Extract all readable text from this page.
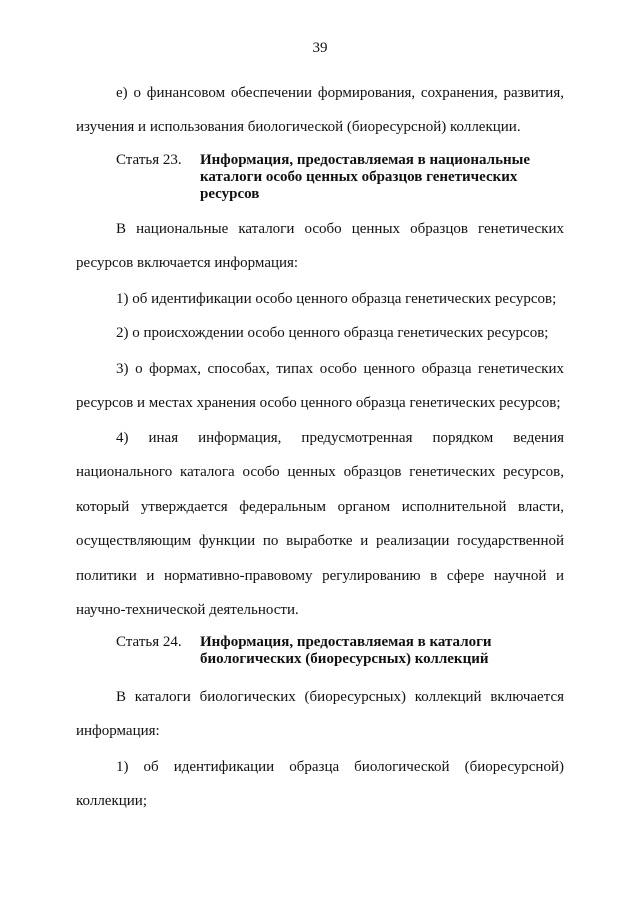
39

е) о финансовом обеспечении формирования, сохранения, развития,

изучения и использования биологической (биоресурсной) коллекции.

Статья 23.	Информация, предоставляемая в национальные
каталоги особо ценных образцов генетических
ресурсов

В национальные каталоги особо ценных образцов генетических

ресурсов включается информация:

1) об идентификации особо ценного образца генетических ресурсов;

2) о происхождении особо ценного образца генетических ресурсов;

3) о формах, способах, типах особо ценного образца генетических

ресурсов и местах хранения особо ценного образца генетических ресурсов;

4) иная информация, предусмотренная порядком ведения

национального каталога особо ценных образцов генетических ресурсов,

который утверждается федеральным органом исполнительной власти,

осуществляющим функции по выработке и реализации государственной

политики и нормативно-правовому регулированию в сфере научной и

научно-технической деятельности.

Статья 24.	Информация, предоставляемая в каталоги
биологических (биоресурсных) коллекций

В каталоги биологических (биоресурсных) коллекций включается

информация:

1) об идентификации образца биологической (биоресурсной)

коллекции;
